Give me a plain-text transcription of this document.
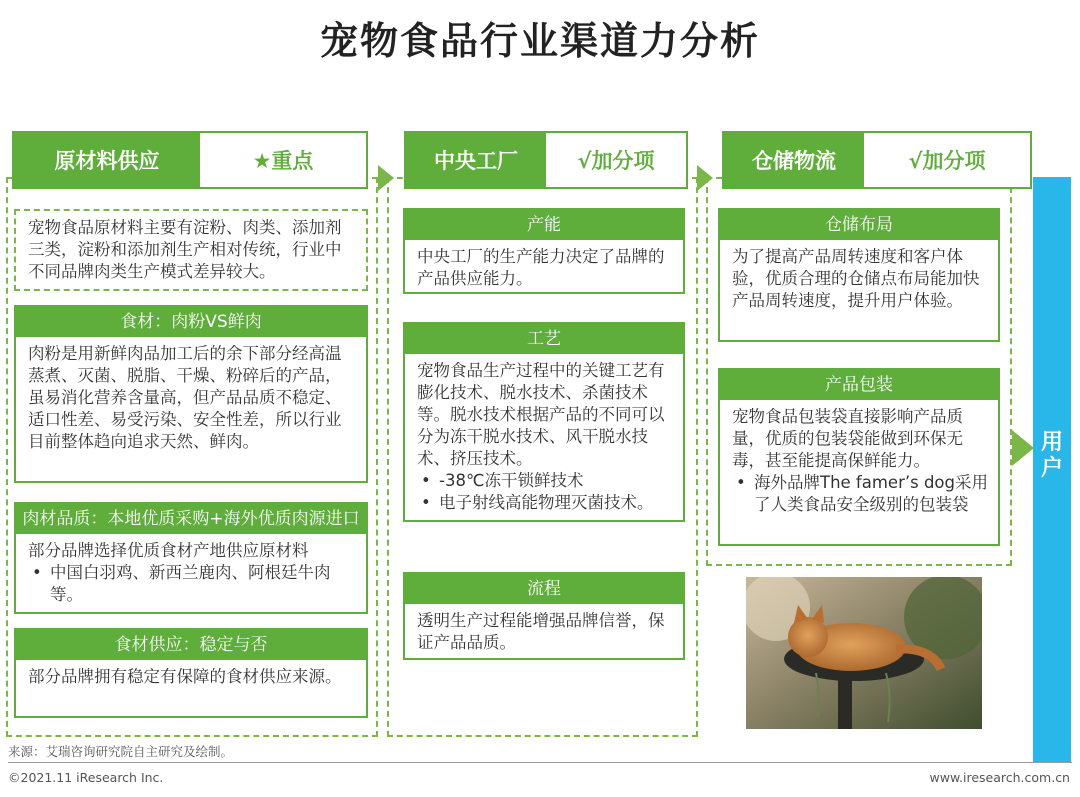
宠物食品行业渠道力分析
原材料供应	★重点
宠物食品原材料主要有淀粉、肉类、添加剂三类，淀粉和添加剂生产相对传统，行业中不同品牌肉类生产模式差异较大。
食材：肉粉VS鲜肉
肉粉是用新鲜肉品加工后的余下部分经高温蒸煮、灭菌、脱脂、干燥、粉碎后的产品，虽易消化营养含量高，但产品品质不稳定、适口性差、易受污染、安全性差，所以行业目前整体趋向追求天然、鲜肉。
肉材品质：本地优质采购+海外优质肉源进口
部分品牌选择优质食材产地供应原材料
• 中国白羽鸡、新西兰鹿肉、阿根廷牛肉等。
食材供应：稳定与否
部分品牌拥有稳定有保障的食材供应来源。
中央工厂	√加分项
产能
中央工厂的生产能力决定了品牌的产品供应能力。
工艺
宠物食品生产过程中的关键工艺有膨化技术、脱水技术、杀菌技术等。脱水技术根据产品的不同可以分为冻干脱水技术、风干脱水技术、挤压技术。
• -38℃冻干锁鲜技术
• 电子射线高能物理灭菌技术。
流程
透明生产过程能增强品牌信誉，保证产品品质。
仓储物流	√加分项
仓储布局
为了提高产品周转速度和客户体验，优质合理的仓储点布局能加快产品周转速度，提升用户体验。
产品包装
宠物食品包装袋直接影响产品质量，优质的包装袋能做到环保无毒，甚至能提高保鲜能力。
• 海外品牌The famer’s dog采用了人类食品安全级别的包装袋
用户
来源：艾瑞咨询研究院自主研究及绘制。
©2021.11 iResearch Inc.	www.iresearch.com.cn
